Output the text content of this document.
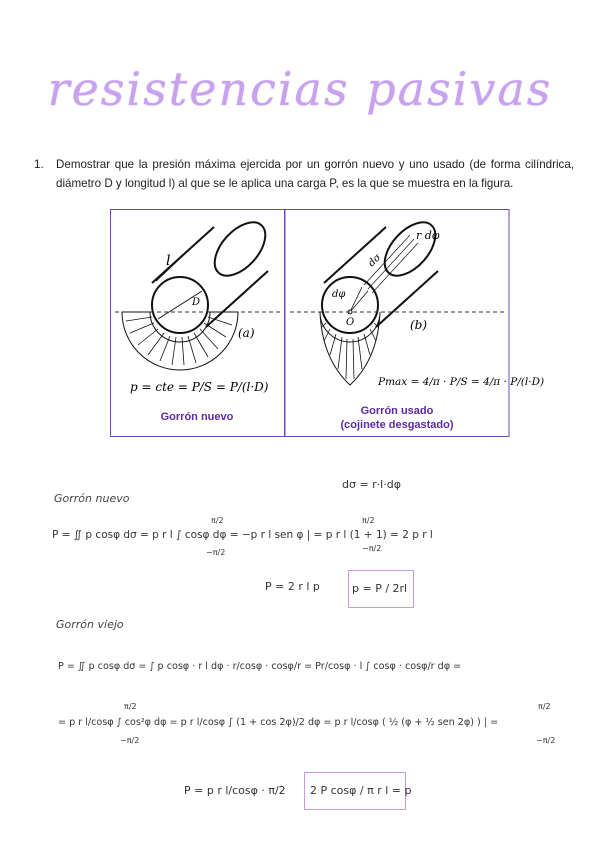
resistencias pasivas
1. Demostrar que la presión máxima ejercida por un gorrón nuevo y uno usado (de forma cilíndrica, diámetro D y longitud l) al que se le aplica una carga P, es la que se muestra en la figura.
l
D
(a)
p = cte = P/S = P/(l·D)
Gorrón nuevo
r dφ
dσ
dφ
O	(b)
Pmax = 4/π · P/S = 4/π · P/(l·D)
Gorrón usado
(cojinete desgastado)
dσ = r·l·dφ
Gorrón nuevo
P = ∬ p cosφ dσ = p r l ∫ cosφ dφ = −p r l sen φ | = p r l (1 + 1) = 2 p r l
π/2
−π/2
π/2
−π/2
P = 2 r l p	p = P / 2rl
Gorrón viejo
P = ∬ p cosφ dσ = ∫ p cosφ · r l dφ · r/cosφ · cosφ/r = Pr/cosφ · l ∫ cosφ · cosφ/r dφ =
= p r l/cosφ ∫ cos²φ dφ = p r l/cosφ ∫ (1 + cos 2φ)/2 dφ = p r l/cosφ ( ½ (φ + ½ sen 2φ) ) | =
π/2
−π/2
π/2
−π/2
P = p r l/cosφ · π/2 2 P cosφ / π r l = p
